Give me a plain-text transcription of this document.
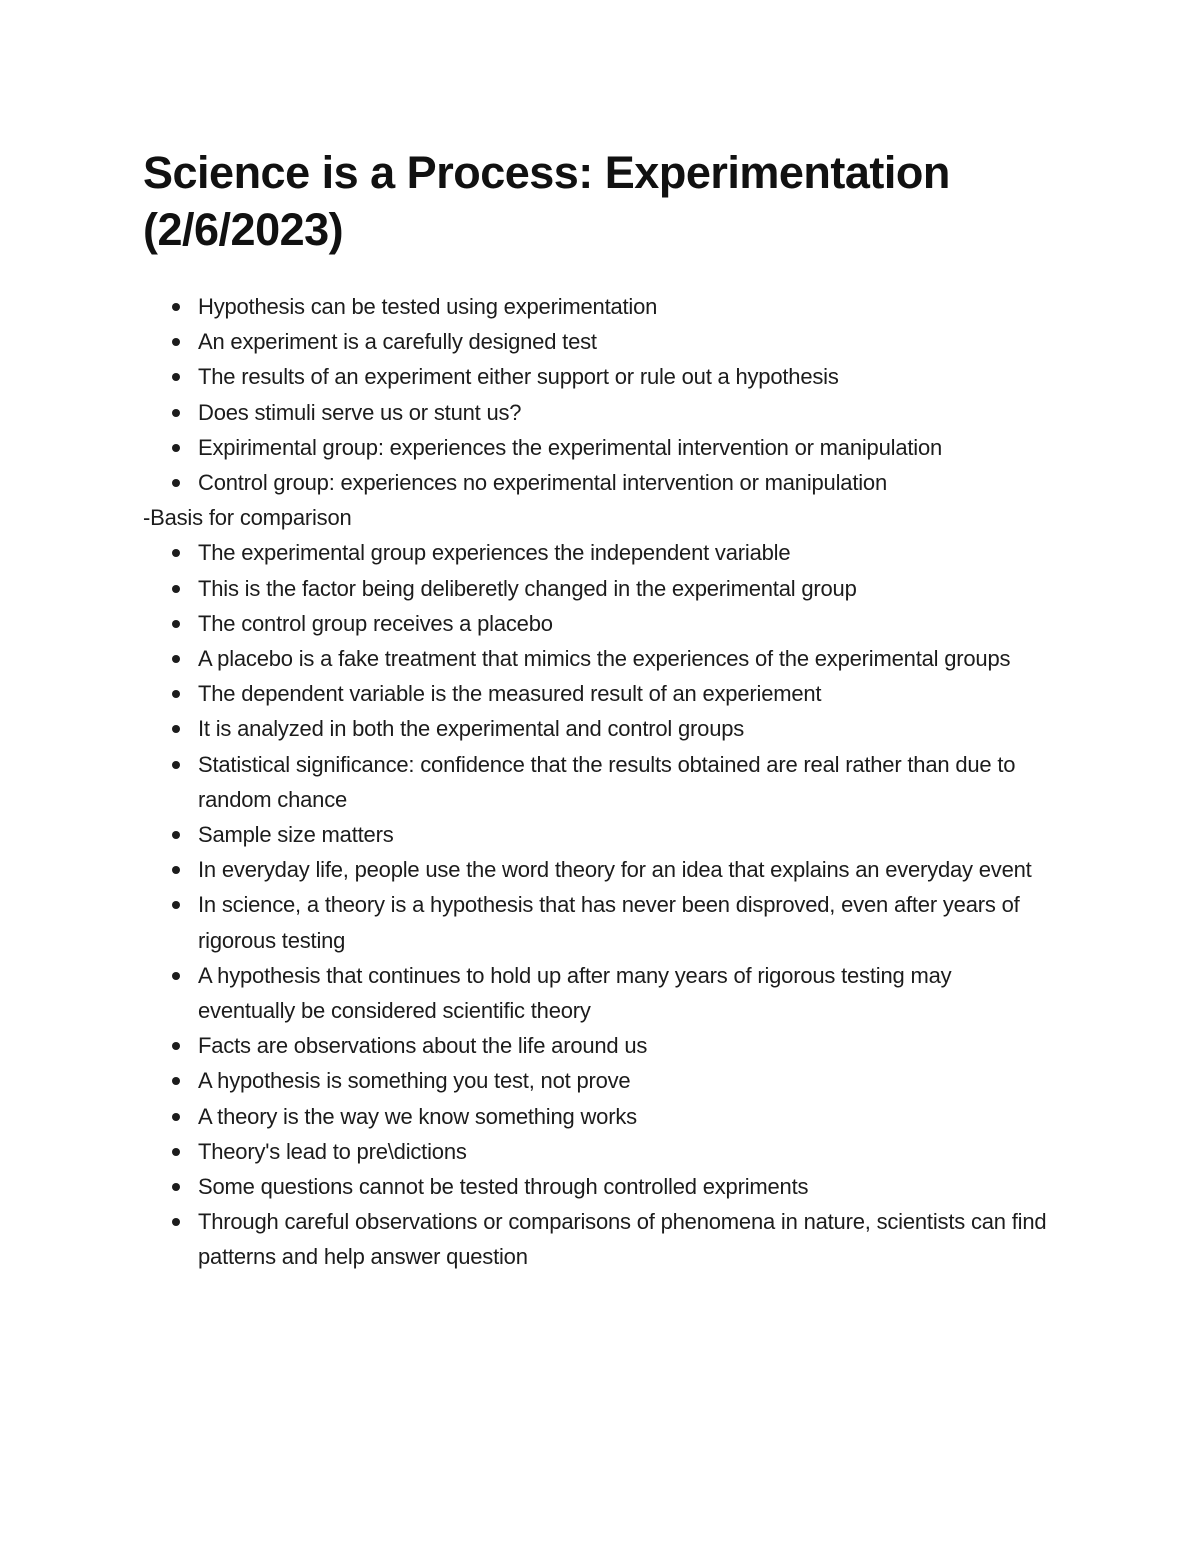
Science is a Process: Experimentation (2/6/2023)
Hypothesis can be tested using experimentation
An experiment is a carefully designed test
The results of an experiment either support or rule out a hypothesis
Does stimuli serve us or stunt us?
Expirimental group: experiences the experimental intervention or manipulation
Control group: experiences no experimental intervention or manipulation

-Basis for comparison

The experimental group experiences the independent variable
This is the factor being deliberetly changed in the experimental group
The control group receives a placebo
A placebo is a fake treatment that mimics the experiences of the experimental groups
The dependent variable is the measured result of an experiement
It is analyzed in both the experimental and control groups
Statistical significance: confidence that the results obtained are real rather than due to random chance
Sample size matters
In everyday life, people use the word theory for an idea that explains an everyday event
In science, a theory is a hypothesis that has never been disproved, even after years of rigorous testing
A hypothesis that continues to hold up after many years of rigorous testing may eventually be considered scientific theory
Facts are observations about the life around us
A hypothesis is something you test, not prove
A theory is the way we know something works
Theory's lead to pre\dictions
Some questions cannot be tested through controlled expriments
Through careful observations or comparisons of phenomena in nature, scientists can find patterns and help answer question
